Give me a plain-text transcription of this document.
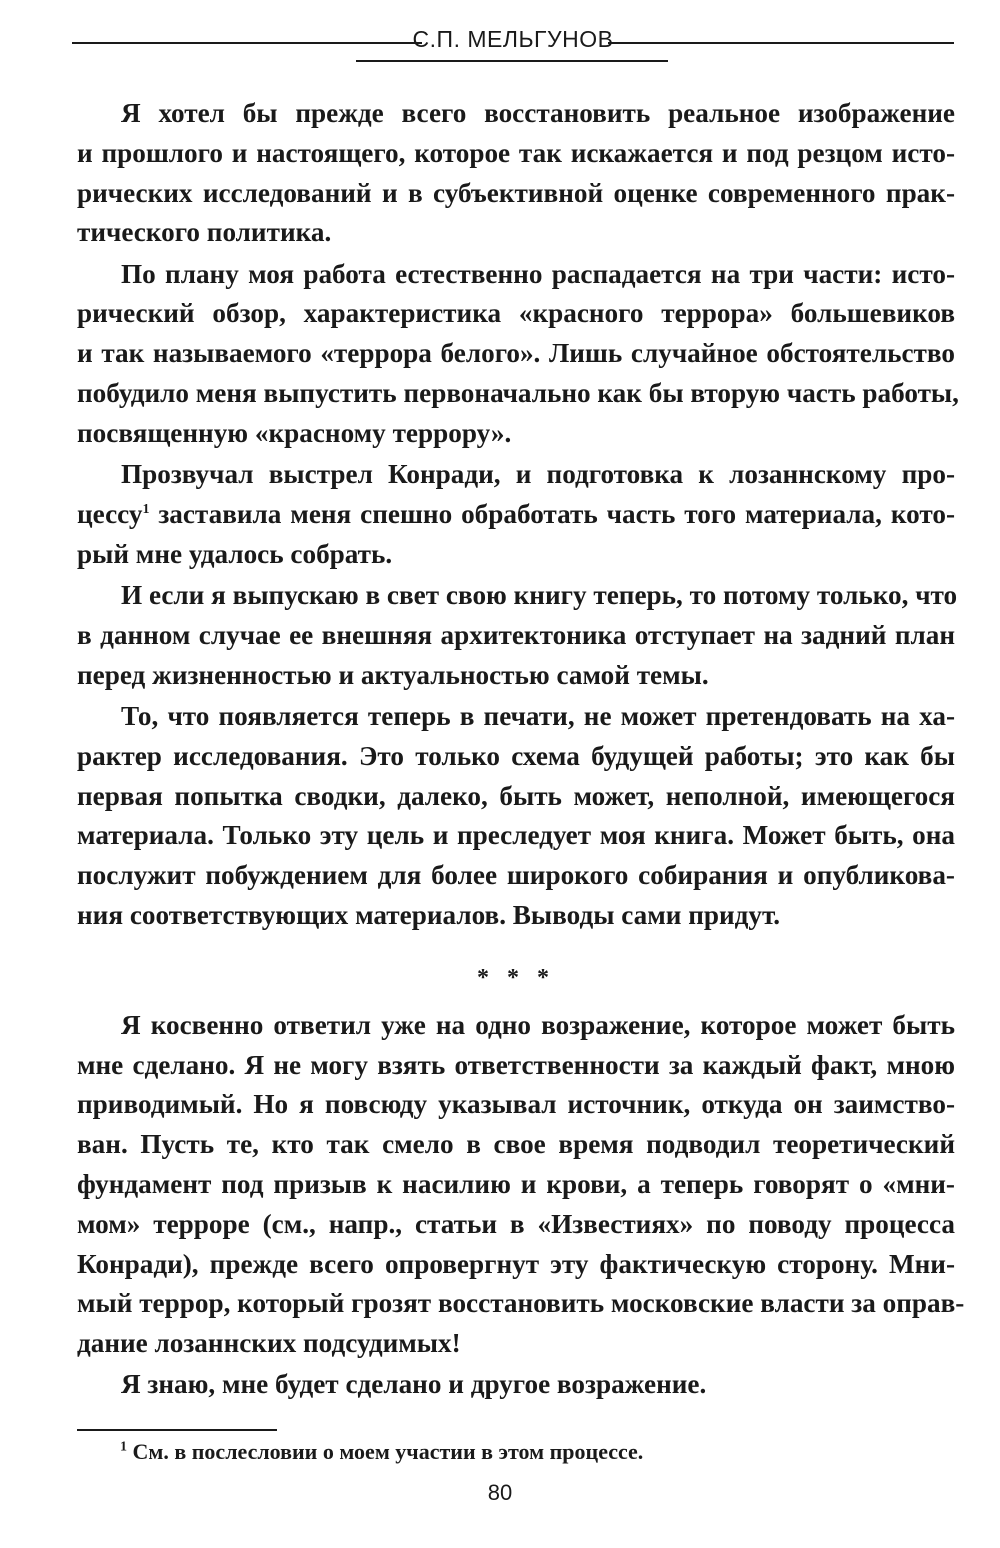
С.П. МЕЛЬГУНОВ

Я хотел бы прежде всего восстановить реальное изображение
и прошлого и настоящего, которое так искажается и под резцом исто-
рических исследований и в субъективной оценке современного прак-
тического политика.

По плану моя работа естественно распадается на три части: исто-
рический обзор, характеристика «красного террора» большевиков
и так называемого «террора белого». Лишь случайное обстоятельство
побудило меня выпустить первоначально как бы вторую часть работы,
посвященную «красному террору».

Прозвучал выстрел Конради, и подготовка к лозаннскому про-
цессу$^1$ заставила меня спешно обработать часть того материала, кото-
рый мне удалось собрать.

И если я выпускаю в свет свою книгу теперь, то потому только, что
в данном случае ее внешняя архитектоника отступает на задний план
перед жизненностью и актуальностью самой темы.

То, что появляется теперь в печати, не может претендовать на ха-
рактер исследования. Это только схема будущей работы; это как бы
первая попытка сводки, далеко, быть может, неполной, имеющегося
материала. Только эту цель и преследует моя книга. Может быть, она
послужит побуждением для более широкого собирания и опубликова-
ния соответствующих материалов. Выводы сами придут.

* * *

Я косвенно ответил уже на одно возражение, которое может быть
мне сделано. Я не могу взять ответственности за каждый факт, мною
приводимый. Но я повсюду указывал источник, откуда он заимство-
ван. Пусть те, кто так смело в свое время подводил теоретический
фундамент под призыв к насилию и крови, а теперь говорят о «мни-
мом» терроре (см., напр., статьи в «Известиях» по поводу процесса
Конради), прежде всего опровергнут эту фактическую сторону. Мни-
мый террор, который грозят восстановить московские власти за оправ-
дание лозаннских подсудимых!

Я знаю, мне будет сделано и другое возражение.

$^1$ См. в послесловии о моем участии в этом процессе.
80
